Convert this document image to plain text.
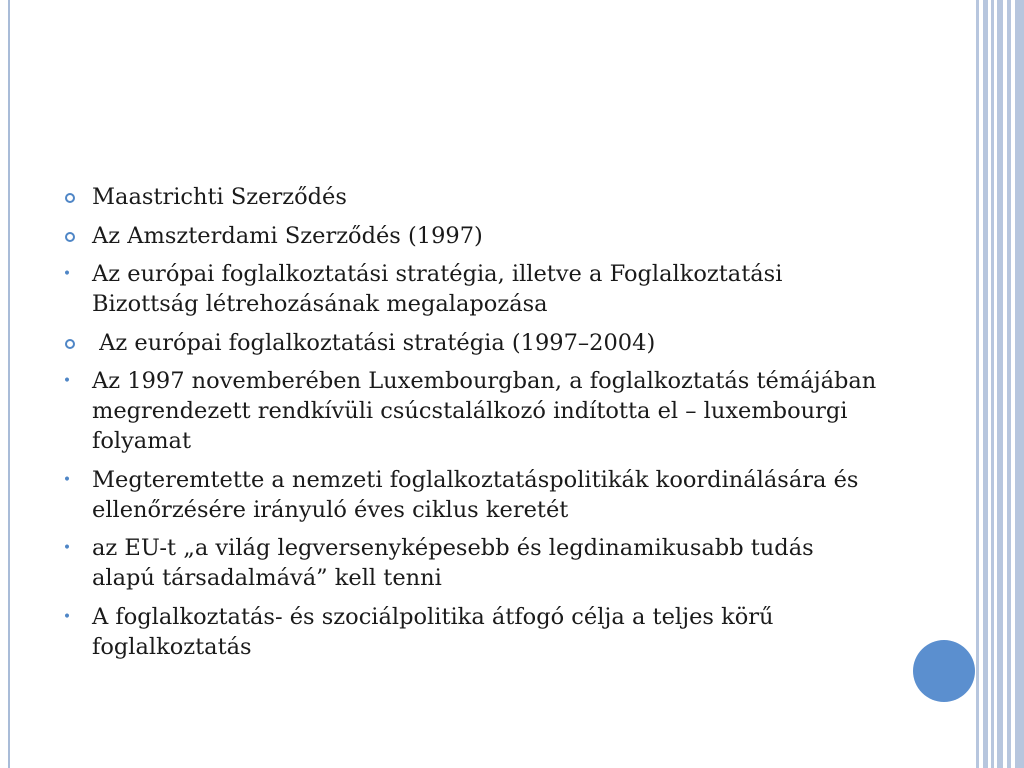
Maastrichti Szerződés
Az Amszterdami Szerződés (1997)
• Az európai foglalkoztatási stratégia, illetve a Foglalkoztatási Bizottság létrehozásának megalapozása
Az európai foglalkoztatási stratégia (1997–2004)
• Az 1997 novemberében Luxembourgban, a foglalkoztatás témájában megrendezett rendkívüli csúcstalálkozó indította el – luxembourgi folyamat
• Megteremtette a nemzeti foglalkoztatáspolitikák koordinálására és ellenőrzésére irányuló éves ciklus keretét
• az EU-t „a világ legversenyképesebb és legdinamikusabb tudás alapú társadalmává” kell tenni
• A foglalkoztatás- és szociálpolitika átfogó célja a teljes körű foglalkoztatás
